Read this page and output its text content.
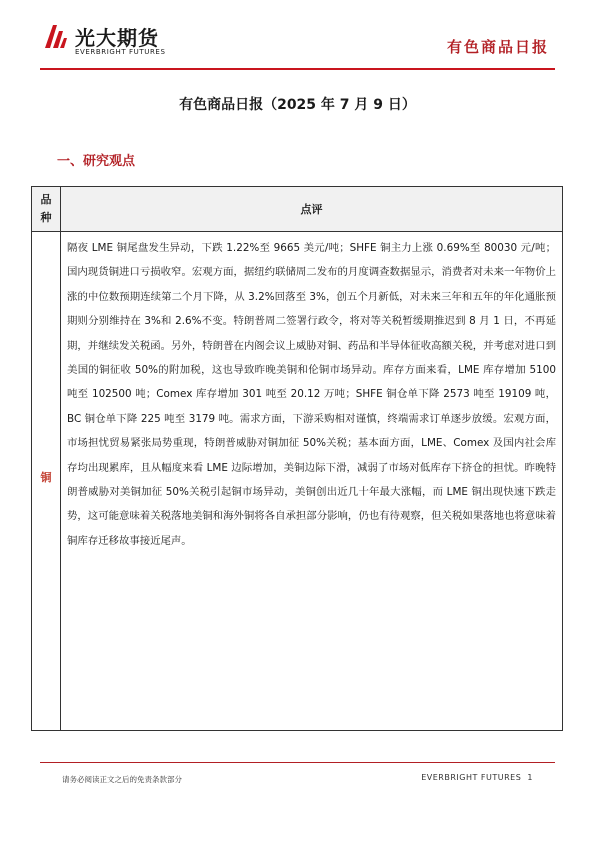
光大期货
EVERBRIGHT FUTURES	有色商品日报
有色商品日报（2025 年 7 月 9 日）
一、研究观点
品
种
点评
铜
隔夜 LME 铜尾盘发生异动，下跌 1.22%至 9665 美元/吨；SHFE 铜主力上涨 0.69%至 80030 元/吨；国内现货铜进口亏损收窄。宏观方面，据纽约联储周二发布的月度调查数据显示，消费者对未来一年物价上涨的中位数预期连续第二个月下降，从 3.2%回落至 3%，创五个月新低，对未来三年和五年的年化通胀预期则分别维持在 3%和 2.6%不变。特朗普周二签署行政令，将对等关税暂缓期推迟到 8 月 1 日，不再延期，并继续发关税函。另外，特朗普在内阁会议上威胁对铜、药品和半导体征收高额关税，并考虑对进口到美国的铜征收 50%的附加税，这也导致昨晚美铜和伦铜市场异动。库存方面来看，LME 库存增加 5100 吨至 102500 吨；Comex 库存增加 301 吨至 20.12 万吨；SHFE 铜仓单下降 2573 吨至 19109 吨，BC 铜仓单下降 225 吨至 3179 吨。需求方面，下游采购相对谨慎，终端需求订单逐步放缓。宏观方面，市场担忧贸易紧张局势重现，特朗普威胁对铜加征 50%关税；基本面方面，LME、Comex 及国内社会库存均出现累库，且从幅度来看 LME 边际增加，美铜边际下滑，减弱了市场对低库存下挤仓的担忧。昨晚特朗普威胁对美铜加征 50%关税引起铜市场异动，美铜创出近几十年最大涨幅，而 LME 铜出现快速下跌走势，这可能意味着关税落地美铜和海外铜将各自承担部分影响，仍也有待观察，但关税如果落地也将意味着铜库存迁移故事接近尾声。
请务必阅读正文之后的免责条款部分	EVERBRIGHT FUTURES 1
